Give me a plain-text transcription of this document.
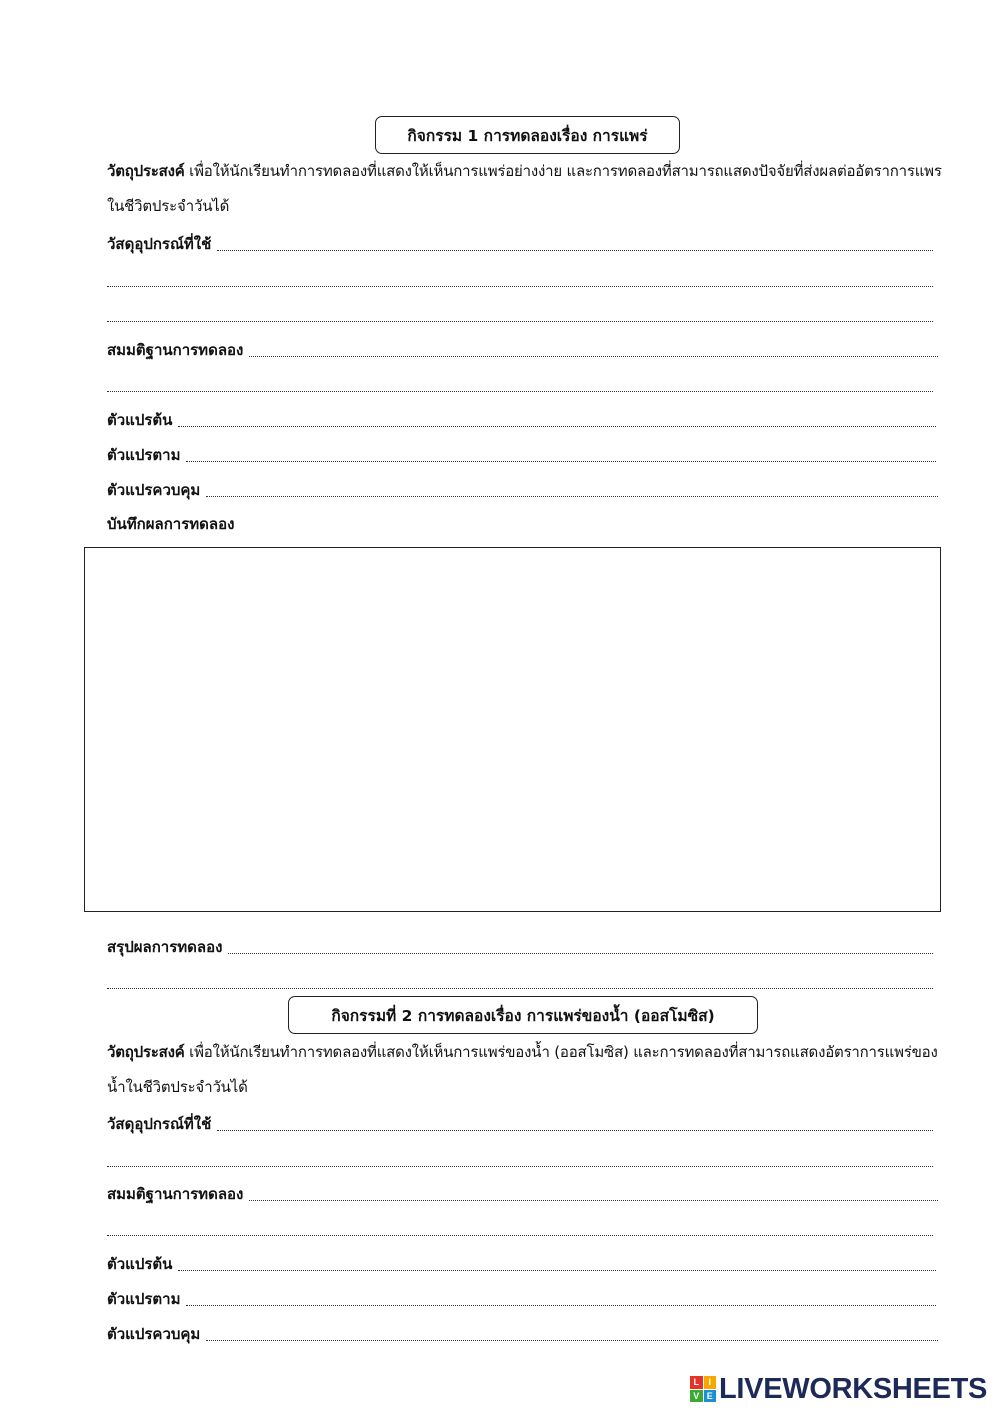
กิจกรรม 1 การทดลองเรื่อง การแพร่
วัตถุประสงค์ เพื่อให้นักเรียนทำการทดลองที่แสดงให้เห็นการแพร่อย่างง่าย และการทดลองที่สามารถแสดงปัจจัยที่ส่งผลต่ออัตราการแพรในชีวิตประจำวันได้
วัสดุอุปกรณ์ที่ใช้
สมมติฐานการทดลอง
ตัวแปรต้น
ตัวแปรตาม
ตัวแปรควบคุม
บันทึกผลการทดลอง
สรุปผลการทดลอง
กิจกรรมที่ 2 การทดลองเรื่อง การแพร่ของน้ำ (ออสโมซิส)
วัตถุประสงค์ เพื่อให้นักเรียนทำการทดลองที่แสดงให้เห็นการแพร่ของน้ำ (ออสโมซิส) และการทดลองที่สามารถแสดงอัตราการแพร่ของน้ำในชีวิตประจำวันได้
วัสดุอุปกรณ์ที่ใช้
สมมติฐานการทดลอง
ตัวแปรต้น
ตัวแปรตาม
ตัวแปรควบคุม
L	I
V E LIVEWORKSHEETS
